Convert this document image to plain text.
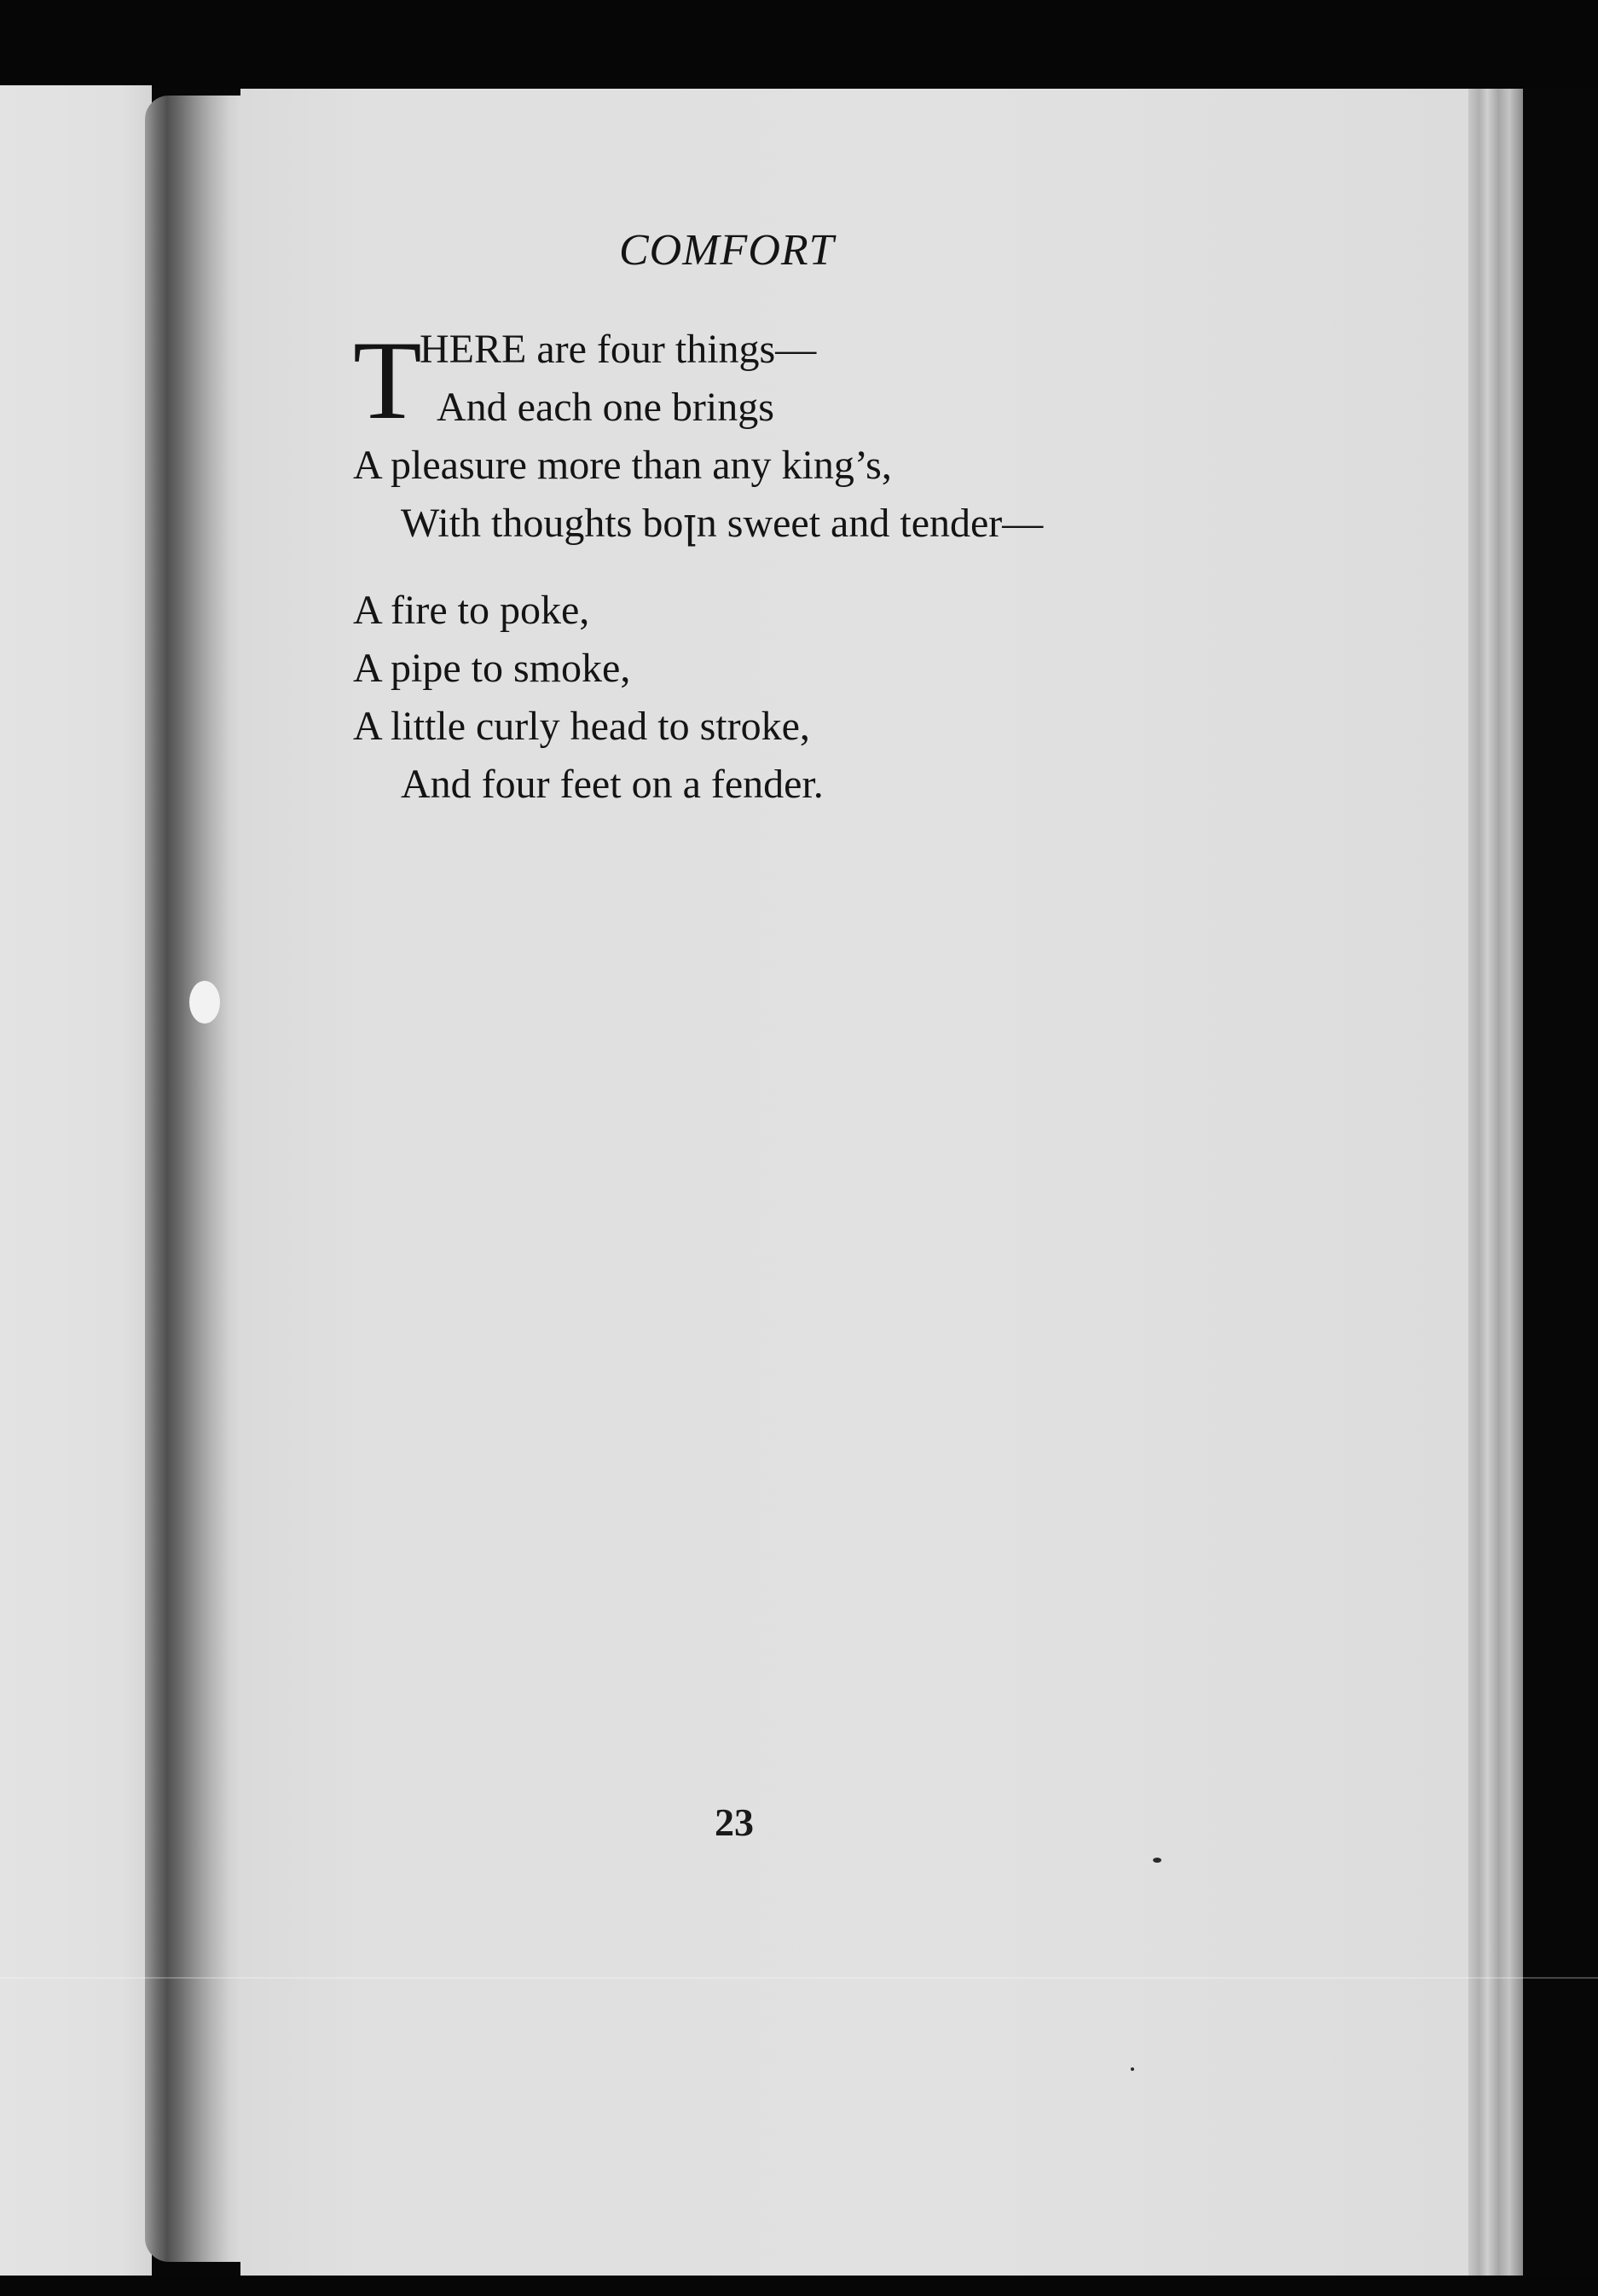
COMFORT
T
HERE are four things—
And each one brings
A pleasure more than any king’s,
With thoughts boꞁn sweet and tender—
A fire to poke,
A pipe to smoke,
A little curly head to stroke,
And four feet on a fender.
23
